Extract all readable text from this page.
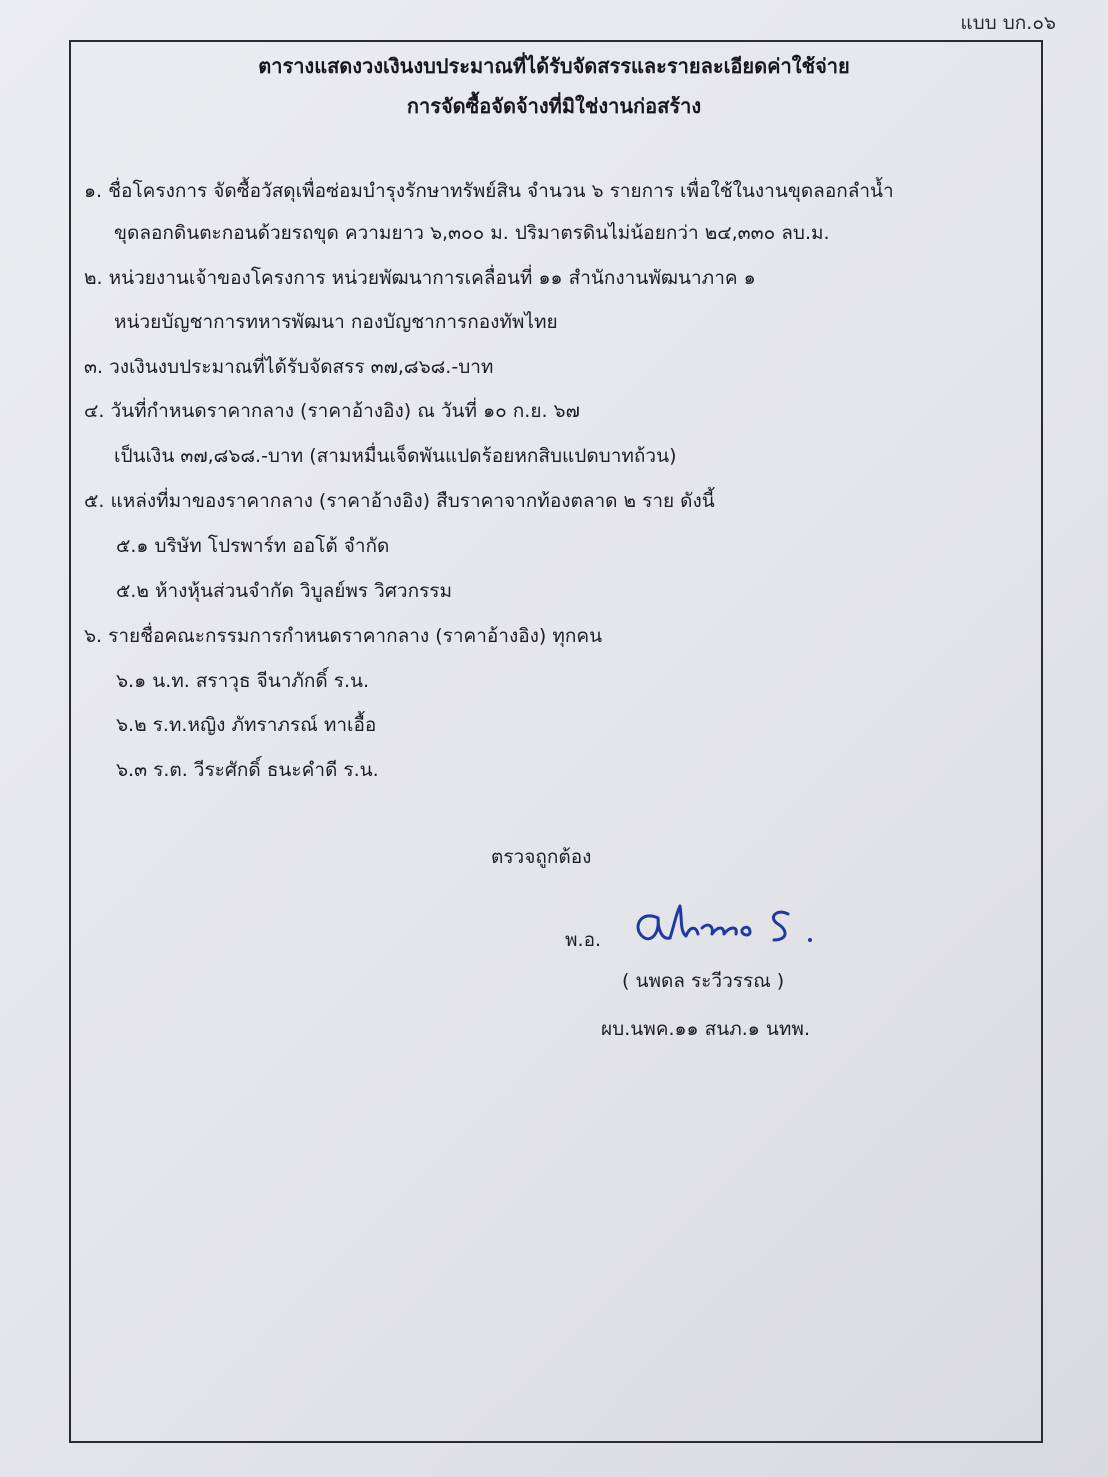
แบบ บก.๐๖
ตารางแสดงวงเงินงบประมาณที่ได้รับจัดสรรและรายละเอียดค่าใช้จ่าย
การจัดซื้อจัดจ้างที่มิใช่งานก่อสร้าง
๑. ชื่อโครงการ จัดซื้อวัสดุเพื่อซ่อมบำรุงรักษาทรัพย์สิน จำนวน ๖ รายการ เพื่อใช้ในงานขุดลอกลำน้ำ
ขุดลอกดินตะกอนด้วยรถขุด ความยาว ๖,๓๐๐ ม. ปริมาตรดินไม่น้อยกว่า ๒๔,๓๓๐ ลบ.ม.
๒. หน่วยงานเจ้าของโครงการ หน่วยพัฒนาการเคลื่อนที่ ๑๑ สำนักงานพัฒนาภาค ๑
หน่วยบัญชาการทหารพัฒนา กองบัญชาการกองทัพไทย
๓. วงเงินงบประมาณที่ได้รับจัดสรร ๓๗,๘๖๘.-บาท
๔. วันที่กำหนดราคากลาง (ราคาอ้างอิง) ณ วันที่ ๑๐ ก.ย. ๖๗
เป็นเงิน ๓๗,๘๖๘.-บาท (สามหมื่นเจ็ดพันแปดร้อยหกสิบแปดบาทถ้วน)
๕. แหล่งที่มาของราคากลาง (ราคาอ้างอิง) สืบราคาจากท้องตลาด ๒ ราย ดังนี้
๕.๑ บริษัท โปรพาร์ท ออโต้ จำกัด
๕.๒ ห้างหุ้นส่วนจำกัด วิบูลย์พร วิศวกรรม
๖. รายชื่อคณะกรรมการกำหนดราคากลาง (ราคาอ้างอิง) ทุกคน
๖.๑ น.ท. สราวุธ จีนาภักดิ์ ร.น.
๖.๒ ร.ท.หญิง ภัทราภรณ์ ทาเอื้อ
๖.๓ ร.ต. วีระศักดิ์ ธนะคำดี ร.น.
ตรวจถูกต้อง
พ.อ.
( นพดล ระวีวรรณ )
ผบ.นพค.๑๑ สนภ.๑ นทพ.
